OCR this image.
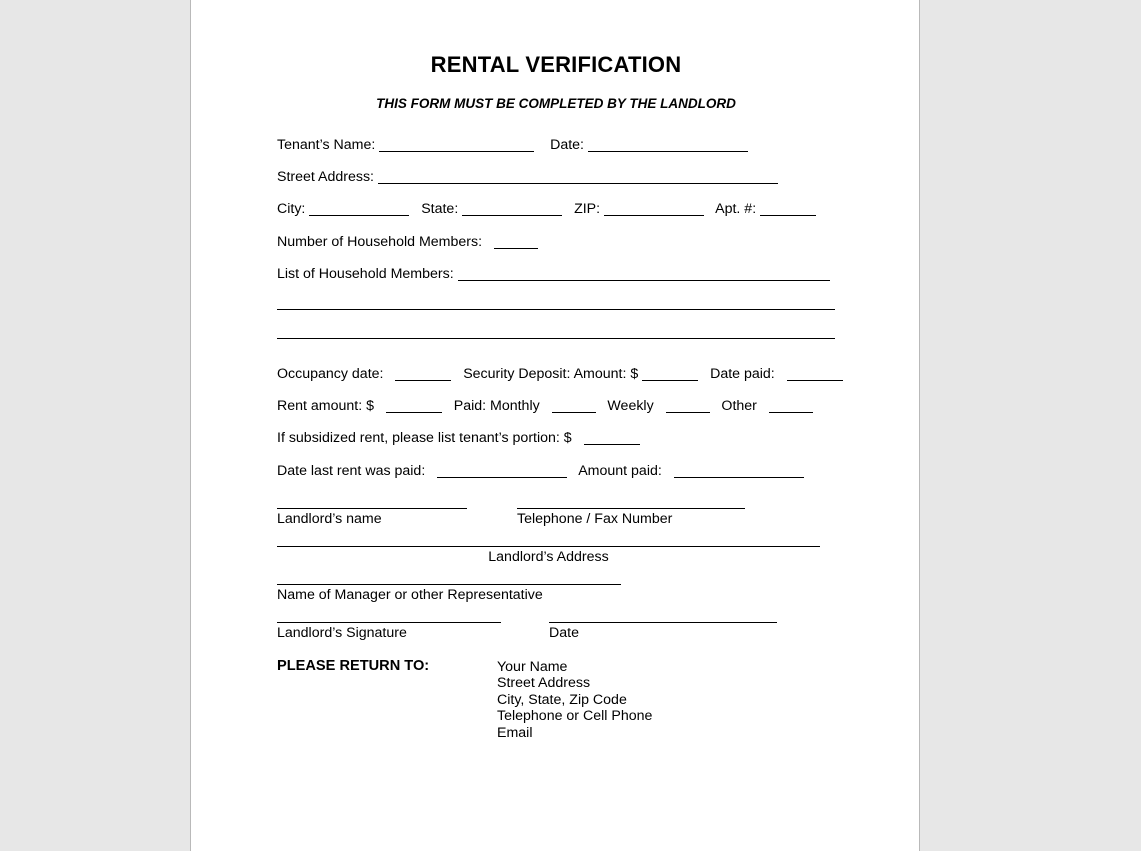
RENTAL VERIFICATION
THIS FORM MUST BE COMPLETED BY THE LANDLORD
Tenant’s Name:	Date:
Street Address:
City:	State:	ZIP:	Apt. #:
Number of Household Members:
List of Household Members:
Occupancy date:	Security Deposit: Amount: $	Date paid:
Rent amount: $	Paid: Monthly	Weekly	Other
If subsidized rent, please list tenant’s portion: $
Date last rent was paid:	Amount paid:
Landlord’s name	Telephone / Fax Number
Landlord’s Address
Name of Manager or other Representative
Landlord’s Signature	Date
PLEASE RETURN TO:	Your Name
Street Address
City, State, Zip Code
Telephone or Cell Phone
Email
